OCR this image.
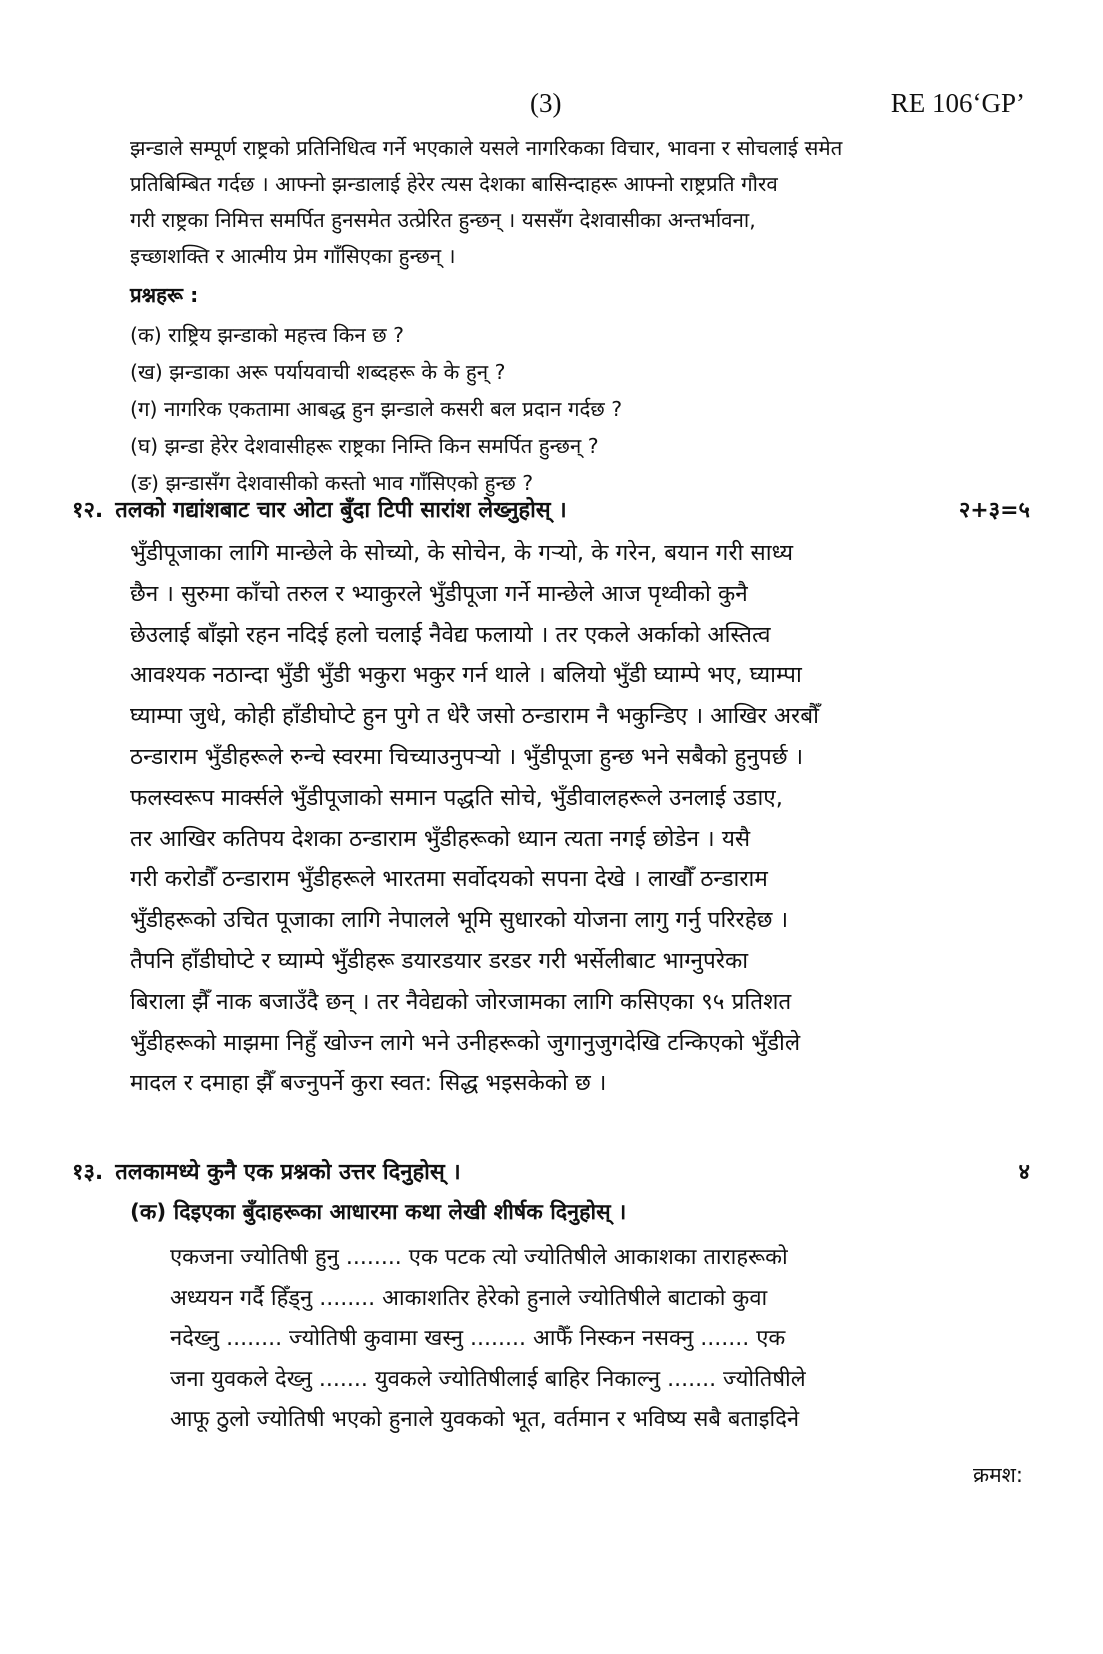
(3)	RE 106‘GP’
झन्डाले सम्पूर्ण राष्ट्रको प्रतिनिधित्व गर्ने भएकाले यसले नागरिकका विचार, भावना र सोचलाई समेत
प्रतिबिम्बित गर्दछ । आफ्नो झन्डालाई हेरेर त्यस देशका बासिन्दाहरू आफ्नो राष्ट्रप्रति गौरव
गरी राष्ट्रका निमित्त समर्पित हुनसमेत उत्प्रेरित हुन्छन् । यससँग देशवासीका अन्तर्भावना,
इच्छाशक्ति र आत्मीय प्रेम गाँसिएका हुन्छन् ।
प्रश्नहरू :
(क) राष्ट्रिय झन्डाको महत्त्व किन छ ?
(ख) झन्डाका अरू पर्यायवाची शब्दहरू के के हुन् ?
(ग) नागरिक एकतामा आबद्ध हुन झन्डाले कसरी बल प्रदान गर्दछ ?
(घ) झन्डा हेरेर देशवासीहरू राष्ट्रका निम्ति किन समर्पित हुन्छन् ?
(ङ) झन्डासँग देशवासीको कस्तो भाव गाँसिएको हुन्छ ?
१२. तलको गद्यांशबाट चार ओटा बुँदा टिपी सारांश लेख्नुहोस् ।	२+३=५
भुँडीपूजाका लागि मान्छेले के सोच्यो, के सोचेन, के गऱ्यो, के गरेन, बयान गरी साध्य
छैन । सुरुमा काँचो तरुल र भ्याकुरले भुँडीपूजा गर्ने मान्छेले आज पृथ्वीको कुनै
छेउलाई बाँझो रहन नदिई हलो चलाई नैवेद्य फलायो । तर एकले अर्काको अस्तित्व
आवश्यक नठान्दा भुँडी भुँडी भकुरा भकुर गर्न थाले । बलियो भुँडी घ्याम्पे भए, घ्याम्पा
घ्याम्पा जुधे, कोही हाँडीघोप्टे हुन पुगे त धेरै जसो ठन्डाराम नै भकुन्डिए । आखिर अरबौँ
ठन्डाराम भुँडीहरूले रुन्चे स्वरमा चिच्याउनुपऱ्यो । भुँडीपूजा हुन्छ भने सबैको हुनुपर्छ ।
फलस्वरूप मार्क्सले भुँडीपूजाको समान पद्धति सोचे, भुँडीवालहरूले उनलाई उडाए,
तर आखिर कतिपय देशका ठन्डाराम भुँडीहरूको ध्यान त्यता नगई छोडेन । यसै
गरी करोडौँ ठन्डाराम भुँडीहरूले भारतमा सर्वोदयको सपना देखे । लाखौँ ठन्डाराम
भुँडीहरूको उचित पूजाका लागि नेपालले भूमि सुधारको योजना लागु गर्नु परिरहेछ ।
तैपनि हाँडीघोप्टे र घ्याम्पे भुँडीहरू डयारडयार डरडर गरी भर्सेलीबाट भाग्नुपरेका
बिराला झैँ नाक बजाउँदै छन् । तर नैवेद्यको जोरजामका लागि कसिएका ९५ प्रतिशत
भुँडीहरूको माझमा निहुँ खोज्न लागे भने उनीहरूको जुगानुजुगदेखि टन्किएको भुँडीले
मादल र दमाहा झैँ बज्नुपर्ने कुरा स्वत: सिद्ध भइसकेको छ ।
१३. तलकामध्ये कुनै एक प्रश्नको उत्तर दिनुहोस् ।	४
(क) दिइएका बुँदाहरूका आधारमा कथा लेखी शीर्षक दिनुहोस् ।
एकजना ज्योतिषी हुनु ........ एक पटक त्यो ज्योतिषीले आकाशका ताराहरूको
अध्ययन गर्दै हिँड्नु ........ आकाशतिर हेरेको हुनाले ज्योतिषीले बाटाको कुवा
नदेख्नु ........ ज्योतिषी कुवामा खस्नु ........ आफैँ निस्कन नसक्नु ....... एक
जना युवकले देख्नु ....... युवकले ज्योतिषीलाई बाहिर निकाल्नु ....... ज्योतिषीले
आफू ठुलो ज्योतिषी भएको हुनाले युवकको भूत, वर्तमान र भविष्य सबै बताइदिने
क्रमश:
